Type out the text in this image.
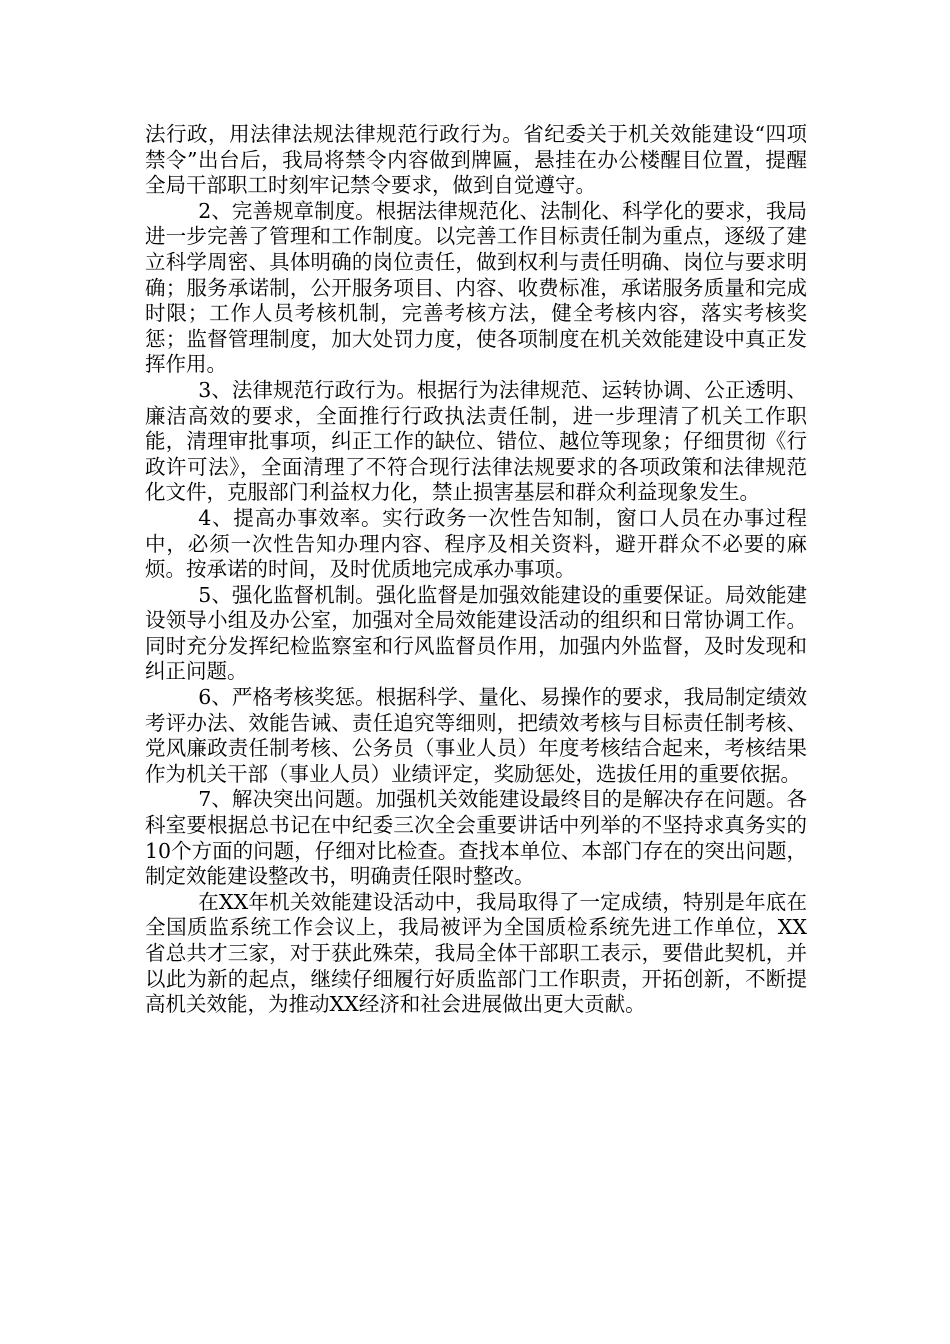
法行政，用法律法规法律规范行政行为。省纪委关于机关效能建设“四项禁令”出台后，我局将禁令内容做到牌匾，悬挂在办公楼醒目位置，提醒全局干部职工时刻牢记禁令要求，做到自觉遵守。

2、完善规章制度。根据法律规范化、法制化、科学化的要求，我局进一步完善了管理和工作制度。以完善工作目标责任制为重点，逐级了建立科学周密、具体明确的岗位责任，做到权利与责任明确、岗位与要求明确；服务承诺制，公开服务项目、内容、收费标准，承诺服务质量和完成时限；工作人员考核机制，完善考核方法，健全考核内容，落实考核奖惩；监督管理制度，加大处罚力度，使各项制度在机关效能建设中真正发挥作用。

3、法律规范行政行为。根据行为法律规范、运转协调、公正透明、廉洁高效的要求，全面推行行政执法责任制，进一步理清了机关工作职能，清理审批事项，纠正工作的缺位、错位、越位等现象；仔细贯彻《行政许可法》，全面清理了不符合现行法律法规要求的各项政策和法律规范化文件，克服部门利益权力化，禁止损害基层和群众利益现象发生。

4、提高办事效率。实行政务一次性告知制，窗口人员在办事过程中，必须一次性告知办理内容、程序及相关资料，避开群众不必要的麻烦。按承诺的时间，及时优质地完成承办事项。

5、强化监督机制。强化监督是加强效能建设的重要保证。局效能建设领导小组及办公室，加强对全局效能建设活动的组织和日常协调工作。同时充分发挥纪检监察室和行风监督员作用，加强内外监督，及时发现和纠正问题。

6、严格考核奖惩。根据科学、量化、易操作的要求，我局制定绩效考评办法、效能告诫、责任追究等细则，把绩效考核与目标责任制考核、党风廉政责任制考核、公务员（事业人员）年度考核结合起来，考核结果作为机关干部（事业人员）业绩评定，奖励惩处，选拔任用的重要依据。

7、解决突出问题。加强机关效能建设最终目的是解决存在问题。各科室要根据总书记在中纪委三次全会重要讲话中列举的不坚持求真务实的10个方面的问题，仔细对比检查。查找本单位、本部门存在的突出问题，制定效能建设整改书，明确责任限时整改。

在XX年机关效能建设活动中，我局取得了一定成绩，特别是年底在全国质监系统工作会议上，我局被评为全国质检系统先进工作单位，XX省总共才三家，对于获此殊荣，我局全体干部职工表示，要借此契机，并以此为新的起点，继续仔细履行好质监部门工作职责，开拓创新，不断提高机关效能，为推动XX经济和社会进展做出更大贡献。
